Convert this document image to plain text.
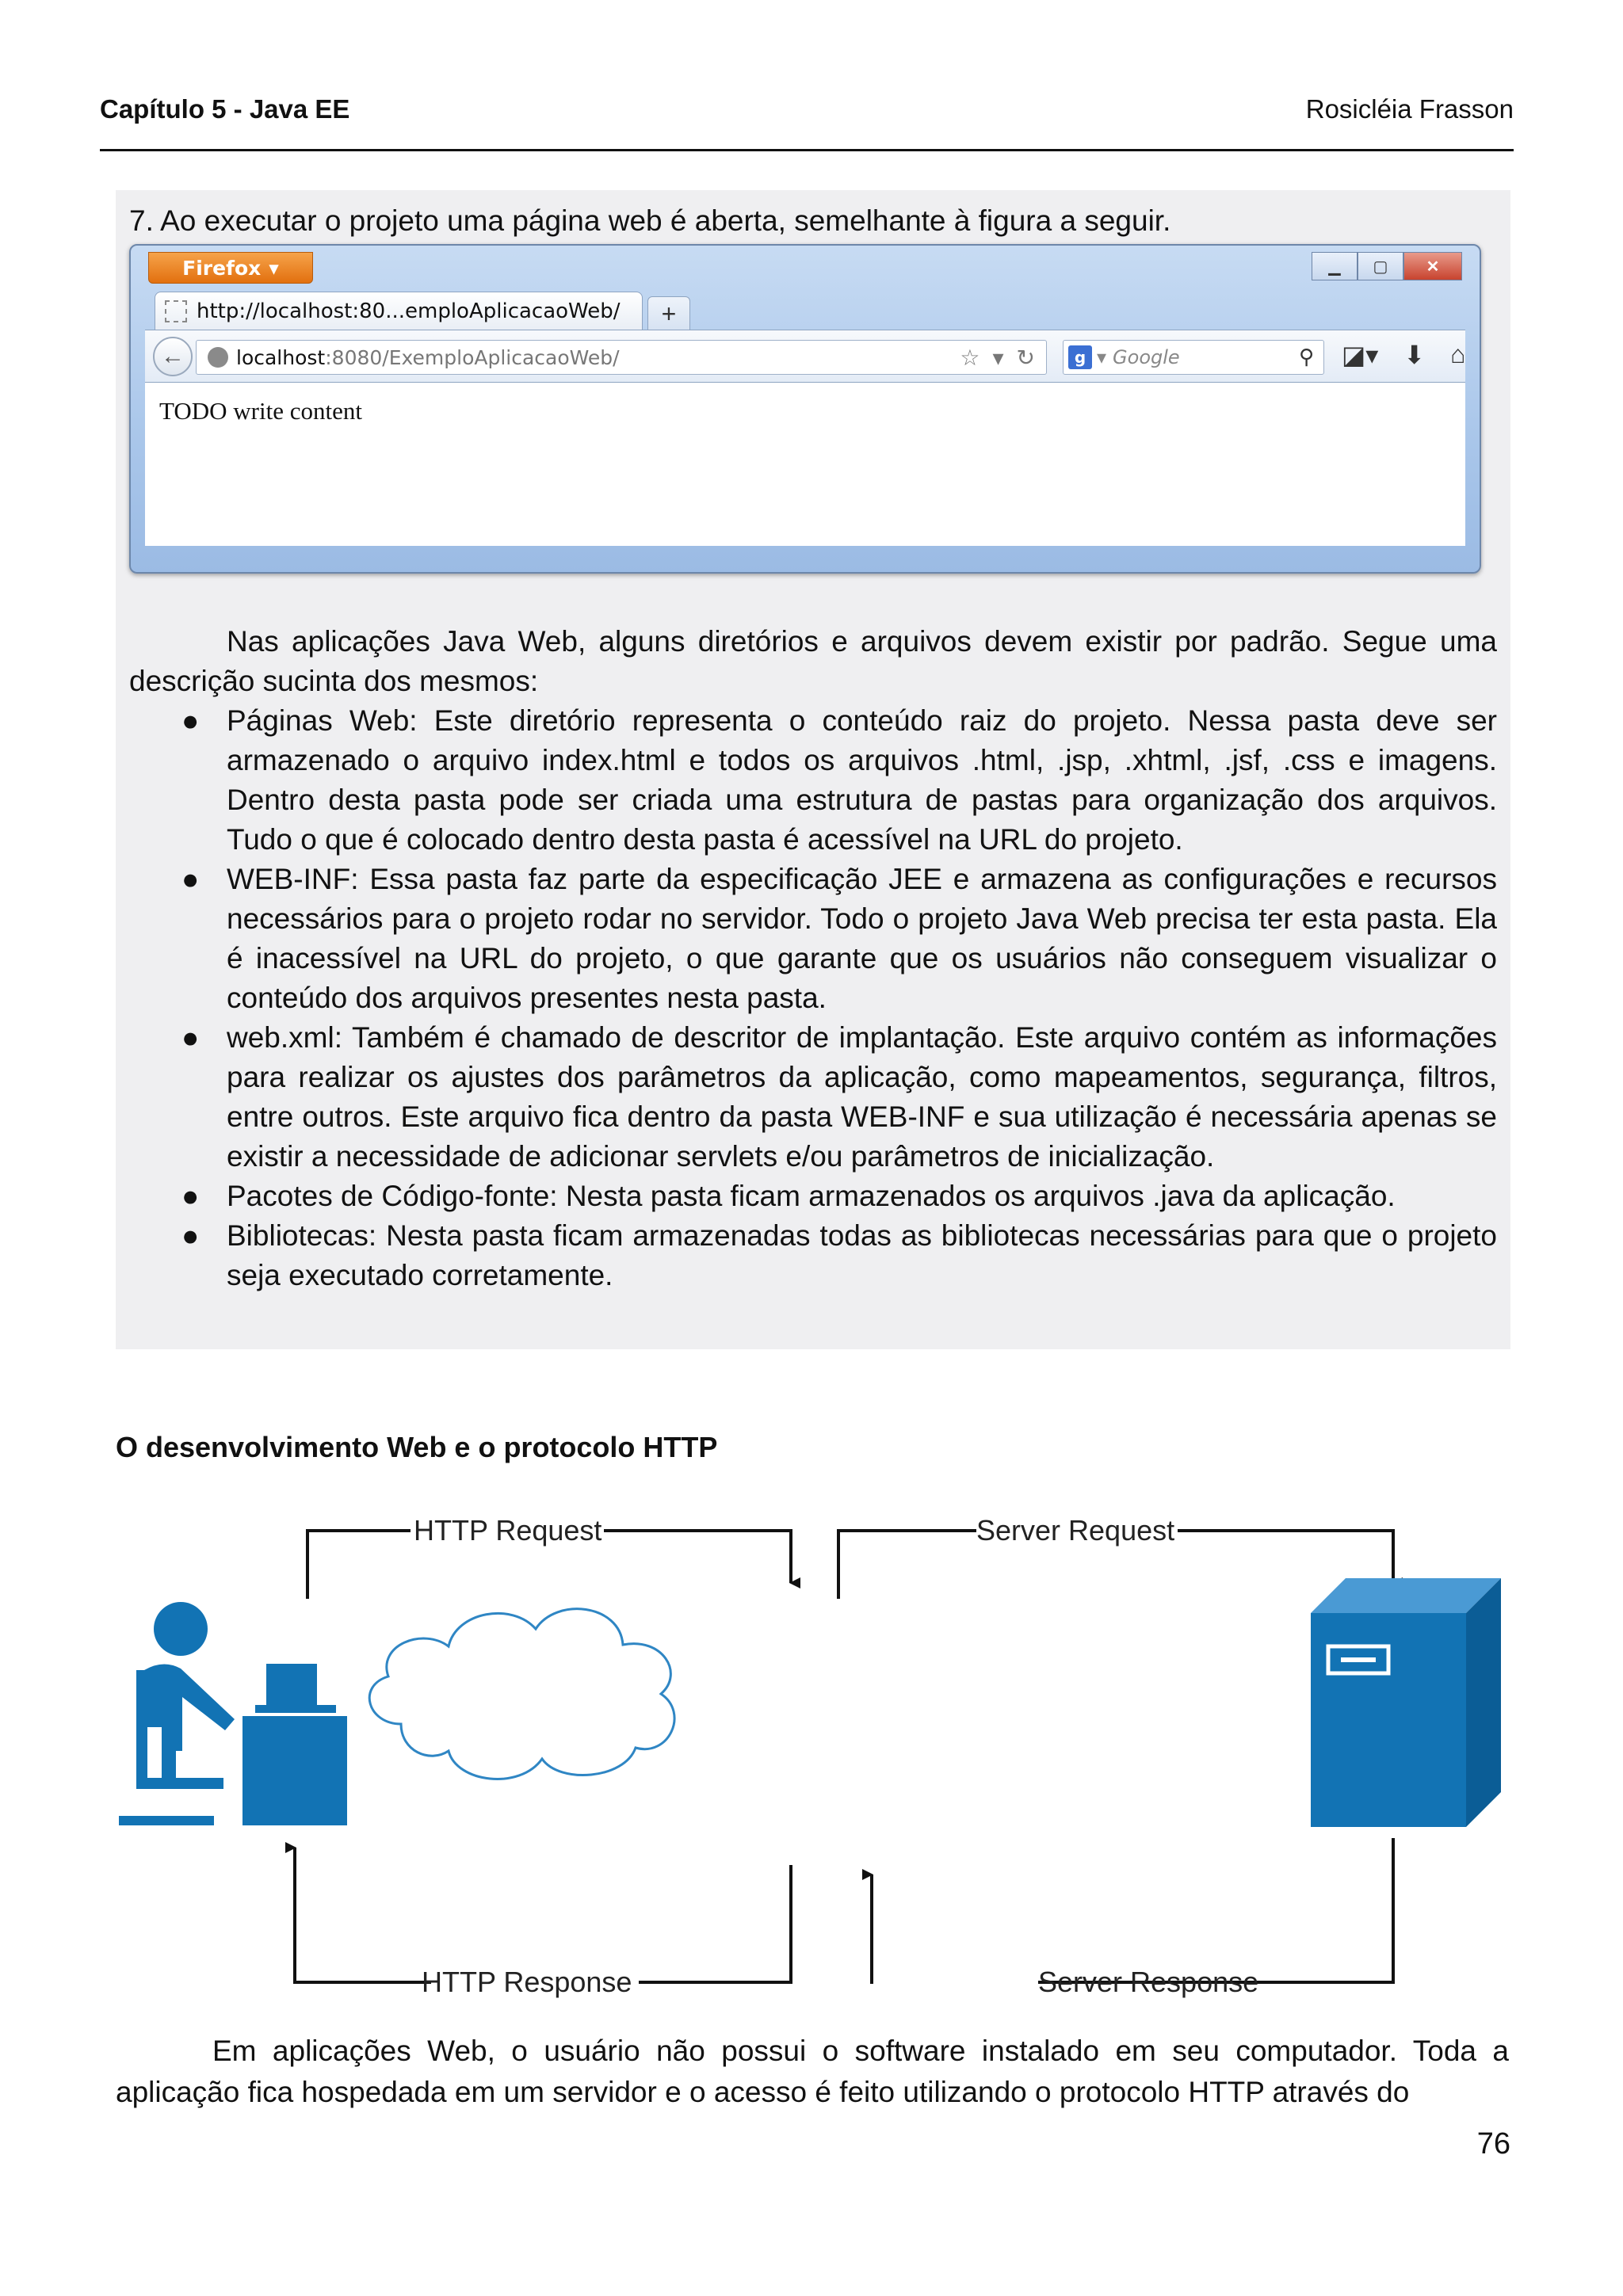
Capítulo 5 - Java EE	Rosicléia Frasson
7. Ao executar o projeto uma página web é aberta, semelhante à figura a seguir.
Firefox ▾	▁	▢	✕
http://localhost:80...emploAplicacaoWeb/	+
←	localhost :8080/ExemploAplicacaoWeb/	☆ ▾ ↻	g ▾ Google	⚲	◪▾ ⬇ ⌂
TODO write content
Nas aplicações Java Web, alguns diretórios e arquivos devem existir por padrão. Segue uma
descrição sucinta dos mesmos:
● Páginas Web: Este diretório representa o conteúdo raiz do projeto. Nessa pasta deve ser armazenado o arquivo index.html e todos os arquivos .html, .jsp, .xhtml, .jsf, .css e imagens. Dentro desta pasta pode ser criada uma estrutura de pastas para organização dos arquivos. Tudo o que é colocado dentro desta pasta é acessível na URL do projeto.
● WEB-INF: Essa pasta faz parte da especificação JEE e armazena as configurações e recursos necessários para o projeto rodar no servidor. Todo o projeto Java Web precisa ter esta pasta. Ela é inacessível na URL do projeto, o que garante que os usuários não conseguem visualizar o conteúdo dos arquivos presentes nesta pasta.
● web.xml: Também é chamado de descritor de implantação. Este arquivo contém as informações para realizar os ajustes dos parâmetros da aplicação, como mapeamentos, segurança, filtros, entre outros. Este arquivo fica dentro da pasta WEB-INF e sua utilização é necessária apenas se existir a necessidade de adicionar servlets e/ou parâmetros de inicialização.
● Pacotes de Código-fonte: Nesta pasta ficam armazenados os arquivos .java da aplicação.
● Bibliotecas: Nesta pasta ficam armazenadas todas as bibliotecas necessárias para que o projeto seja executado corretamente.
O desenvolvimento Web e o protocolo HTTP
HTTP Request	Server Request
HTTP Response	Server Response
Em aplicações Web, o usuário não possui o software instalado em seu computador. Toda a aplicação fica hospedada em um servidor e o acesso é feito utilizando o protocolo HTTP através do
76
